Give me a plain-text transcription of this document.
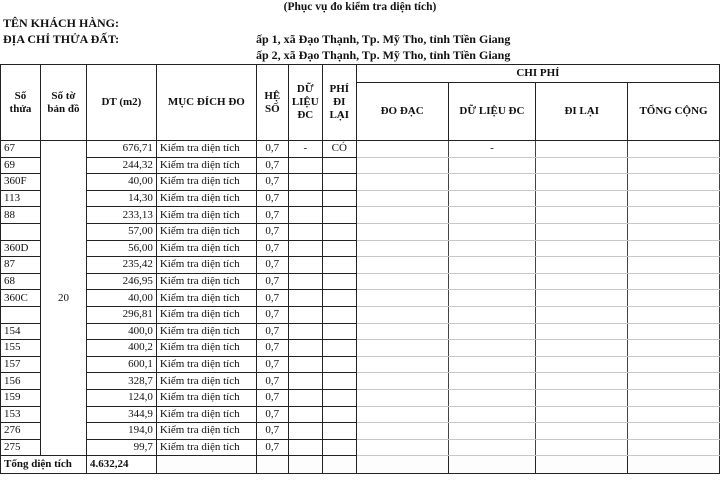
(Phục vụ đo kiểm tra diện tích)
TÊN KHÁCH HÀNG:
ĐỊA CHỈ THỬA ĐẤT:	ấp 1, xã Đạo Thạnh, Tp. Mỹ Tho, tỉnh Tiền Giang
ấp 2, xã Đạo Thạnh, Tp. Mỹ Tho, tỉnh Tiền Giang
Số thửa	Số tờ bản đồ	DT (m2)	MỤC ĐÍCH ĐO	HỆ SỐ	DỮ LIỆU ĐC	PHÍ ĐI LẠI	CHI PHÍ			
							ĐO ĐẠC	DỮ LIỆU ĐC	ĐI LẠI	TỔNG CỘNG
67	20	676,71	Kiểm tra diện tích	0,7	-	CÓ		-		
69		244,32	Kiểm tra diện tích	0,7						
360F		40,00	Kiểm tra diện tích	0,7						
113		14,30	Kiểm tra diện tích	0,7						
88		233,13	Kiểm tra diện tích	0,7						
		57,00	Kiểm tra diện tích	0,7						
360D		56,00	Kiểm tra diện tích	0,7						
87		235,42	Kiểm tra diện tích	0,7						
68		246,95	Kiểm tra diện tích	0,7						
360C		40,00	Kiểm tra diện tích	0,7						
		296,81	Kiểm tra diện tích	0,7						
154		400,0	Kiểm tra diện tích	0,7						
155		400,2	Kiểm tra diện tích	0,7						
157		600,1	Kiểm tra diện tích	0,7						
156		328,7	Kiểm tra diện tích	0,7						
159		124,0	Kiểm tra diện tích	0,7						
153		344,9	Kiểm tra diện tích	0,7						
276		194,0	Kiểm tra diện tích	0,7						
275		99,7	Kiểm tra diện tích	0,7						
Tổng diện tích		4.632,24								
